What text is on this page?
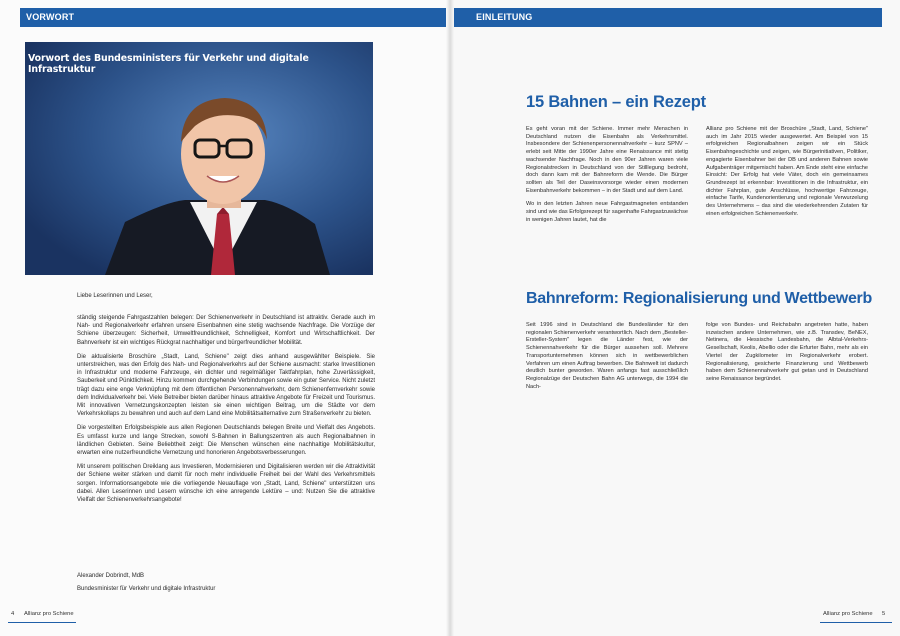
VORWORT
Vorwort des Bundesministers für Verkehr und digitale Infrastruktur
Liebe Leserinnen und Leser,

ständig steigende Fahrgastzahlen belegen: Der Schienenverkehr in Deutschland ist attraktiv. Gerade auch im Nah- und Regionalverkehr erfahren unsere Eisenbahnen eine stetig wachsende Nachfrage. Die Vorzüge der Schiene überzeugen: Sicherheit, Umweltfreundlichkeit, Schnelligkeit, Komfort und Wirtschaftlichkeit. Der Bahnverkehr ist ein wichtiges Rückgrat nachhaltiger und bürgerfreundlicher Mobilität.

Die aktualisierte Broschüre „Stadt, Land, Schiene" zeigt dies anhand ausgewählter Beispiele. Sie unterstreichen, was den Erfolg des Nah- und Regionalverkehrs auf der Schiene ausmacht: starke Investitionen in Infrastruktur und moderne Fahrzeuge, ein dichter und regelmäßiger Taktfahrplan, hohe Zuverlässigkeit, Sauberkeit und Pünktlichkeit. Hinzu kommen durchgehende Verbindungen sowie ein guter Service. Nicht zuletzt trägt dazu eine enge Verknüpfung mit dem öffentlichen Personennahverkehr, dem Schienenfernverkehr sowie dem Individualverkehr bei. Viele Betreiber bieten darüber hinaus attraktive Angebote für Freizeit und Tourismus. Mit innovativen Vernetzungskonzepten leisten sie einen wichtigen Beitrag, um die Städte vor dem Verkehrskollaps zu bewahren und auch auf dem Land eine Mobilitätsalternative zum Straßenverkehr zu bieten.

Die vorgestellten Erfolgsbeispiele aus allen Regionen Deutschlands belegen Breite und Vielfalt des Angebots. Es umfasst kurze und lange Strecken, sowohl S-Bahnen in Ballungszentren als auch Regionalbahnen in ländlichen Gebieten. Seine Beliebtheit zeigt: Die Menschen wünschen eine nachhaltige Mobilitätskultur, erwarten eine nutzerfreundliche Vernetzung und honorieren Angebotsverbesserungen.

Mit unserem politischen Dreiklang aus Investieren, Modernisieren und Digitalisieren werden wir die Attraktivität der Schiene weiter stärken und damit für noch mehr individuelle Freiheit bei der Wahl des Verkehrsmittels sorgen. Informationsangebote wie die vorliegende Neuauflage von „Stadt, Land, Schiene" unterstützen uns dabei. Allen Leserinnen und Lesern wünsche ich eine anregende Lektüre – und: Nutzen Sie die attraktive Vielfalt der Schienenverkehrsangebote!

Alexander Dobrindt, MdB
Bundesminister für Verkehr und digitale Infrastruktur
4 Allianz pro Schiene
EINLEITUNG
15 Bahnen – ein Rezept

Es geht voran mit der Schiene. Immer mehr Menschen in Deutschland nutzen die Eisenbahn als Verkehrsmittel. Insbesondere der Schienenpersonennahverkehr – kurz SPNV – erlebt seit Mitte der 1990er Jahre eine Renaissance mit stetig wachsender Nachfrage. Noch in den 90er Jahren waren viele Regionalstrecken in Deutschland von der Stilllegung bedroht, doch dann kam mit der Bahnreform die Wende. Die Bürger sollten als Teil der Daseinsvorsorge wieder einen modernen Eisenbahnverkehr bekommen – in der Stadt und auf dem Land.

Wo in den letzten Jahren neue Fahrgastmagneten entstanden sind und wie das Erfolgsrezept für sagenhafte Fahrgastzuwächse in wenigen Jahren lautet, hat die

Allianz pro Schiene mit der Broschüre „Stadt, Land, Schiene" auch im Jahr 2015 wieder ausgewertet. Am Beispiel von 15 erfolgreichen Regionalbahnen zeigen wir ein Stück Eisenbahngeschichte und zeigen, wie Bürgerinitiativen, Politiker, engagierte Eisenbahner bei der DB und anderen Bahnen sowie Aufgabenträger mitgemischt haben. Am Ende steht eine einfache Einsicht: Der Erfolg hat viele Väter, doch ein gemeinsames Grundrezept ist erkennbar: Investitionen in die Infrastruktur, ein dichter Fahrplan, gute Anschlüsse, hochwertige Fahrzeuge, einfache Tarife, Kundenorientierung und regionale Verwurzelung des Unternehmens – das sind die wiederkehrenden Zutaten für einen erfolgreichen Schienenverkehr.

Bahnreform: Regionalisierung und Wettbewerb

Seit 1996 sind in Deutschland die Bundesländer für den regionalen Schienenverkehr verantwortlich. Nach dem „Besteller-Ersteller-System" legen die Länder fest, wie der Schienennahverkehr für die Bürger aussehen soll. Mehrere Transportunternehmen können sich in wettbewerblichen Verfahren um einen Auftrag bewerben. Die Bahnwelt ist dadurch deutlich bunter geworden. Waren anfangs fast ausschließlich Regionalzüge der Deutschen Bahn AG unterwegs, die 1994 die Nach-

folge von Bundes- und Reichsbahn angetreten hatte, haben inzwischen andere Unternehmen, wie z.B. Transdev, BeNEX, Netinera, die Hessische Landesbahn, die Albtal-Verkehrs-Gesellschaft, Keolis, Abellio oder die Erfurter Bahn, mehr als ein Viertel der Zugkilometer im Regionalverkehr erobert. Regionalisierung, gesicherte Finanzierung und Wettbewerb haben dem Schienennahverkehr gut getan und in Deutschland seine Renaissance begründet.

Allianz pro Schiene 5
